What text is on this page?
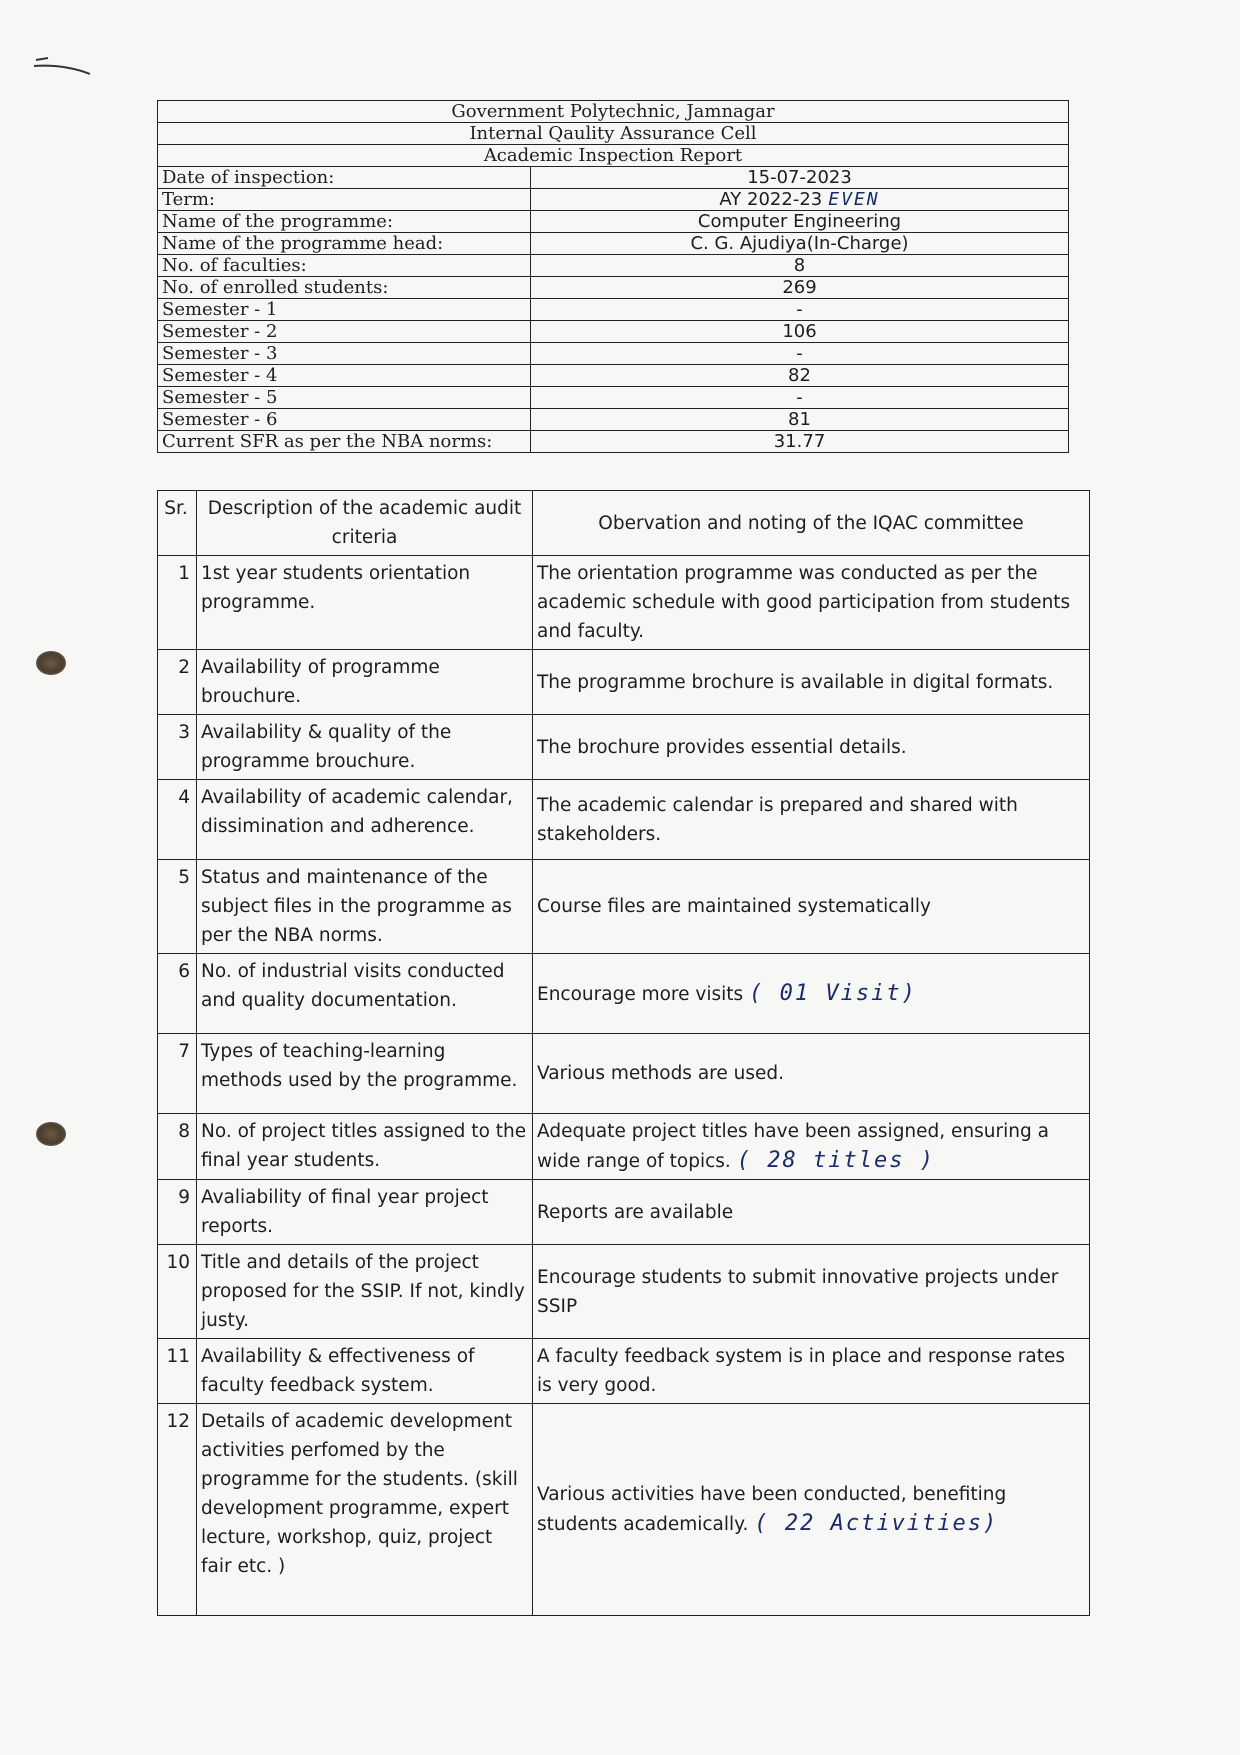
Government Polytechnic, Jamnagar	
Internal Qaulity Assurance Cell	
Academic Inspection Report	
Date of inspection:	15-07-2023
Term:	AY 2022-23 EVEN
Name of the programme:	Computer Engineering
Name of the programme head:	C. G. Ajudiya(In-Charge)
No. of faculties:	8
No. of enrolled students:	269
Semester - 1	-
Semester - 2	106
Semester - 3	-
Semester - 4	82
Semester - 5	-
Semester - 6	81
Current SFR as per the NBA norms:	31.77
Sr.	Description of the academic audit criteria	Obervation and noting of the IQAC committee
1	1st year students orientation programme.	The orientation programme was conducted as per the academic schedule with good participation from students and faculty.
2	Availability of programme brouchure.	The programme brochure is available in digital formats.
3	Availability & quality of the programme brouchure.	The brochure provides essential details.
4	Availability of academic calendar, dissimination and adherence.	The academic calendar is prepared and shared with stakeholders.
5	Status and maintenance of the subject files in the programme as per the NBA norms.	Course files are maintained systematically
6	No. of industrial visits conducted and quality documentation.	Encourage more visits ( 01 Visit)
7	Types of teaching-learning methods used by the programme.	Various methods are used.
8	No. of project titles assigned to the final year students.	Adequate project titles have been assigned, ensuring a wide range of topics. ( 28 titles )
9	Avaliability of final year project reports.	Reports are available
10	Title and details of the project proposed for the SSIP. If not, kindly justy.	Encourage students to submit innovative projects under SSIP
11	Availability & effectiveness of faculty feedback system.	A faculty feedback system is in place and response rates is very good.
12	Details of academic development activities perfomed by the programme for the students. (skill development programme, expert lecture, workshop, quiz, project fair etc. )	Various activities have been conducted, benefiting students academically. ( 22 Activities)
